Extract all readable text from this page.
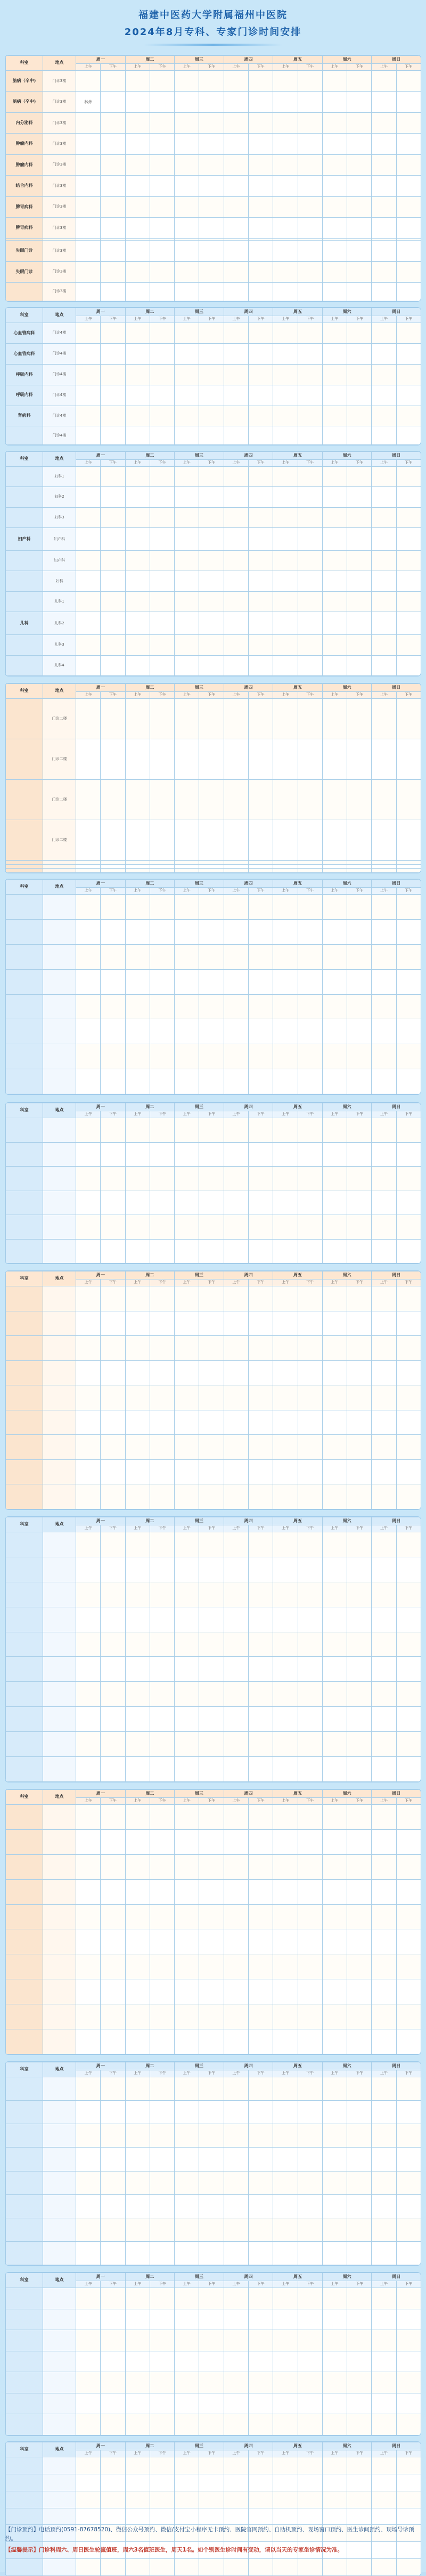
福建中医药大学附属福州中医院
2024年8月专科、专家门诊时间安排
科室	地点	周一		周二		周三		周四		周五		周六		周日	
		上午	下午	上午	下午	上午	下午	上午	下午	上午	下午	上午	下午	上午	下午
脑病（卒中)	门诊3楼														
脑病（卒中)	门诊3楼	林炜													
内分泌科	门诊3楼														
肿瘤内科	门诊3楼														
肿瘤内科	门诊3楼														
结合内科	门诊3楼														
脾胃病科	门诊3楼														
脾胃病科	门诊3楼														

失眠门诊	门诊3楼														
失眠门诊	门诊3楼														
	门诊3楼														
科室	地点	周一		周二		周三		周四		周五		周六		周日	
		上午	下午	上午	下午	上午	下午	上午	下午	上午	下午	上午	下午	上午	下午
心血管病科	门诊4楼														
心血管病科	门诊4楼														
呼吸内科	门诊4楼														
呼吸内科	门诊4楼														
肾病科	门诊4楼														
	门诊4楼														
科室	地点	周一		周二		周三		周四		周五		周六		周日	
		上午	下午	上午	下午	上午	下午	上午	下午	上午	下午	上午	下午	上午	下午
	妇科1														
	妇科2														
	妇科3														
妇产科	妇产科														
	妇产科														
	妇科														
	儿科1														
儿科	儿科2														
	儿科3														
	儿科4														
科室	地点	周一		周二		周三		周四		周五		周六		周日	
		上午	下午	上午	下午	上午	下午	上午	下午	上午	下午	上午	下午	上午	下午
	门诊二楼														
	门诊二楼														
	门诊二楼														
	门诊二楼														

科室	地点	周一		周二		周三		周四		周五		周六		周日	
		上午	下午	上午	下午	上午	下午	上午	下午	上午	下午	上午	下午	上午	下午

科室	地点	周一		周二		周三		周四		周五		周六		周日	
		上午	下午	上午	下午	上午	下午	上午	下午	上午	下午	上午	下午	上午	下午

科室	地点	周一		周二		周三		周四		周五		周六		周日	
		上午	下午	上午	下午	上午	下午	上午	下午	上午	下午	上午	下午	上午	下午

科室	地点	周一		周二		周三		周四		周五		周六		周日	
		上午	下午	上午	下午	上午	下午	上午	下午	上午	下午	上午	下午	上午	下午

科室	地点	周一		周二		周三		周四		周五		周六		周日	
		上午	下午	上午	下午	上午	下午	上午	下午	上午	下午	上午	下午	上午	下午

科室	地点	周一		周二		周三		周四		周五		周六		周日	
		上午	下午	上午	下午	上午	下午	上午	下午	上午	下午	上午	下午	上午	下午

科室	地点	周一		周二		周三		周四		周五		周六		周日	
		上午	下午	上午	下午	上午	下午	上午	下午	上午	下午	上午	下午	上午	下午

科室	地点	周一		周二		周三		周四		周五		周六		周日	
		上午	下午	上午	下午	上午	下午	上午	下午	上午	下午	上午	下午	上午	下午

【门诊预约】电话预约(0591-87678520)、微信公众号预约、微信/支付宝小程序无卡预约、医院官网预约、自助机预约、现场窗口预约、医生诊间预约、现场导诊预约。

【温馨提示】门诊科周六、周日医生轮流值班，周六3名值班医生，周天1名。如个别医生诊时间有变动，请以当天的专家坐诊情况为准。
